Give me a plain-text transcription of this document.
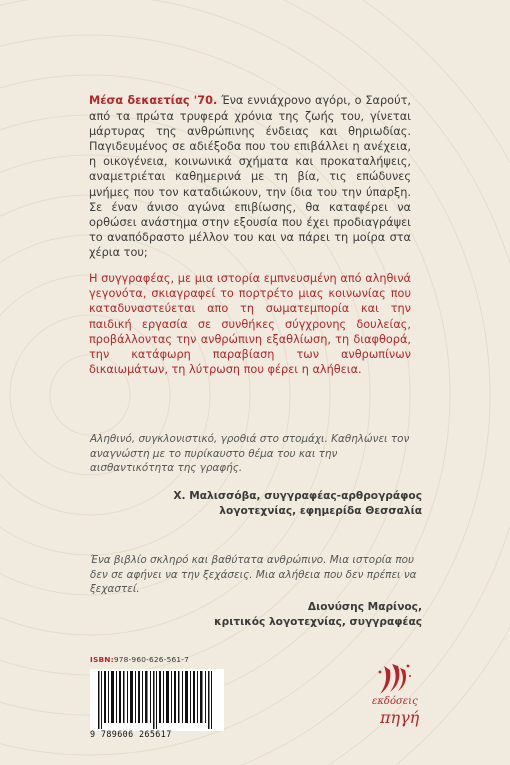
Μέσα δεκαετίας '70. Ένα εννιάχρονο αγόρι, ο Σαρούτ, από τα πρώτα τρυφερά χρόνια της ζωής του, γίνεται μάρτυρας της ανθρώπινης ένδειας και θηριωδίας. Παγιδευμένος σε αδιέξοδα που του επιβάλλει η ανέχεια, η οικογένεια, κοινωνικά σχήματα και προκαταλήψεις, αναμετριέται καθημερινά με τη βία, τις επώδυνες μνήμες που τον καταδιώκουν, την ίδια του την ύπαρξη. Σε έναν άνισο αγώνα επιβίωσης, θα καταφέρει να ορθώσει ανάστημα στην εξουσία που έχει προδιαγράψει το αναπόδραστο μέλλον του και να πάρει τη μοίρα στα χέρια του;

Η συγγραφέας, με μια ιστορία εμπνευσμένη από αληθινά γεγονότα, σκιαγραφεί το πορτρέτο μιας κοινωνίας που καταδυναστεύεται απο τη σωματεμπορία και την παιδική εργασία σε συνθήκες σύγχρονης δουλείας, προβάλλοντας την ανθρώπινη εξαθλίωση, τη διαφθορά, την κατάφωρη παραβίαση των ανθρωπίνων δικαιωμάτων, τη λύτρωση που φέρει η αλήθεια.

Αληθινό, συγκλονιστικό, γροθιά στο στομάχι. Καθηλώνει τον αναγνώστη με το πυρίκαυστο θέμα του και την αισθαντικότητα της γραφής.

Χ. Μαλισσόβα, συγγραφέας-αρθρογράφος
λογοτεχνίας, εφημερίδα Θεσσαλία

Ένα βιβλίο σκληρό και βαθύτατα ανθρώπινο. Μια ιστορία που δεν σε αφήνει να την ξεχάσεις. Μια αλήθεια που δεν πρέπει να ξεχαστεί.

Διονύσης Μαρίνος,
κριτικός λογοτεχνίας, συγγραφέας
ISBN:978-960-626-561-7
9 789606 265617
εκδόσεις
πηγή
